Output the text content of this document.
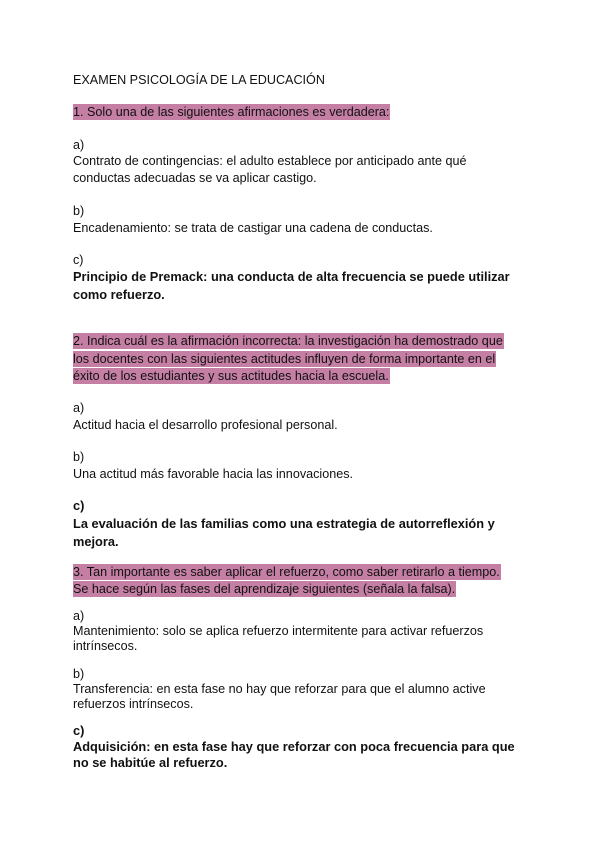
EXAMEN PSICOLOGÍA DE LA EDUCACIÓN
1. Solo una de las siguientes afirmaciones es verdadera:
a)
Contrato de contingencias: el adulto establece por anticipado ante qué
conductas adecuadas se va aplicar castigo.
b)
Encadenamiento: se trata de castigar una cadena de conductas.
c)
Principio de Premack: una conducta de alta frecuencia se puede utilizar
como refuerzo.
2. Indica cuál es la afirmación incorrecta: la investigación ha demostrado que
los docentes con las siguientes actitudes influyen de forma importante en el
éxito de los estudiantes y sus actitudes hacia la escuela.
a)
Actitud hacia el desarrollo profesional personal.
b)
Una actitud más favorable hacia las innovaciones.
c)
La evaluación de las familias como una estrategia de autorreflexión y
mejora.
3. Tan importante es saber aplicar el refuerzo, como saber retirarlo a tiempo.
Se hace según las fases del aprendizaje siguientes (señala la falsa).
a)
Mantenimiento: solo se aplica refuerzo intermitente para activar refuerzos
intrínsecos.
b)
Transferencia: en esta fase no hay que reforzar para que el alumno active
refuerzos intrínsecos.
c)
Adquisición: en esta fase hay que reforzar con poca frecuencia para que
no se habitúe al refuerzo.
